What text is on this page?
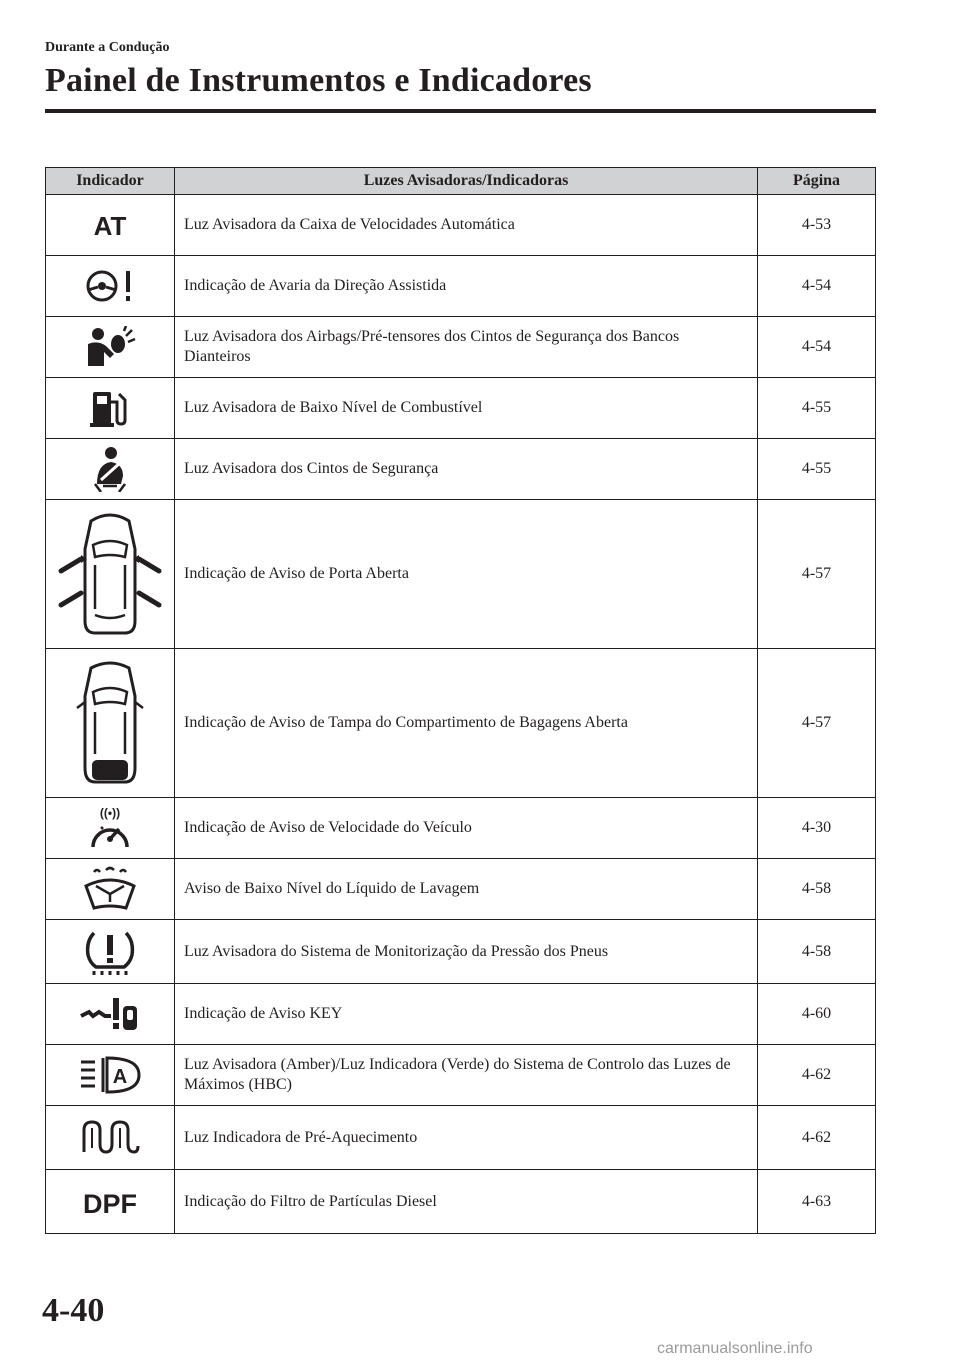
Durante a Condução
Painel de Instrumentos e Indicadores
Indicador	Luzes Avisadoras/Indicadoras	Página

AT	Luz Avisadora da Caixa de Velocidades Automática	4-53

	Indicação de Avaria da Direção Assistida	4-54

	Luz Avisadora dos Airbags/Pré-tensores dos Cintos de Segurança dos Bancos Dianteiros	4-54

	Luz Avisadora de Baixo Nível de Combustível	4-55

	Luz Avisadora dos Cintos de Segurança	4-55

	Indicação de Aviso de Porta Aberta	4-57

	Indicação de Aviso de Tampa do Compartimento de Bagagens Aberta	4-57

((•))	Indicação de Aviso de Velocidade do Veículo	4-30

	Aviso de Baixo Nível do Líquido de Lavagem	4-58

	Luz Avisadora do Sistema de Monitorização da Pressão dos Pneus	4-58

	Indicação de Aviso KEY	4-60

A	Luz Avisadora (Amber)/Luz Indicadora (Verde) do Sistema de Controlo das Luzes de Máximos (HBC)	4-62

	Luz Indicadora de Pré-Aquecimento	4-62

DPF	Indicação do Filtro de Partículas Diesel	4-63
4-40
carmanualsonline.info
